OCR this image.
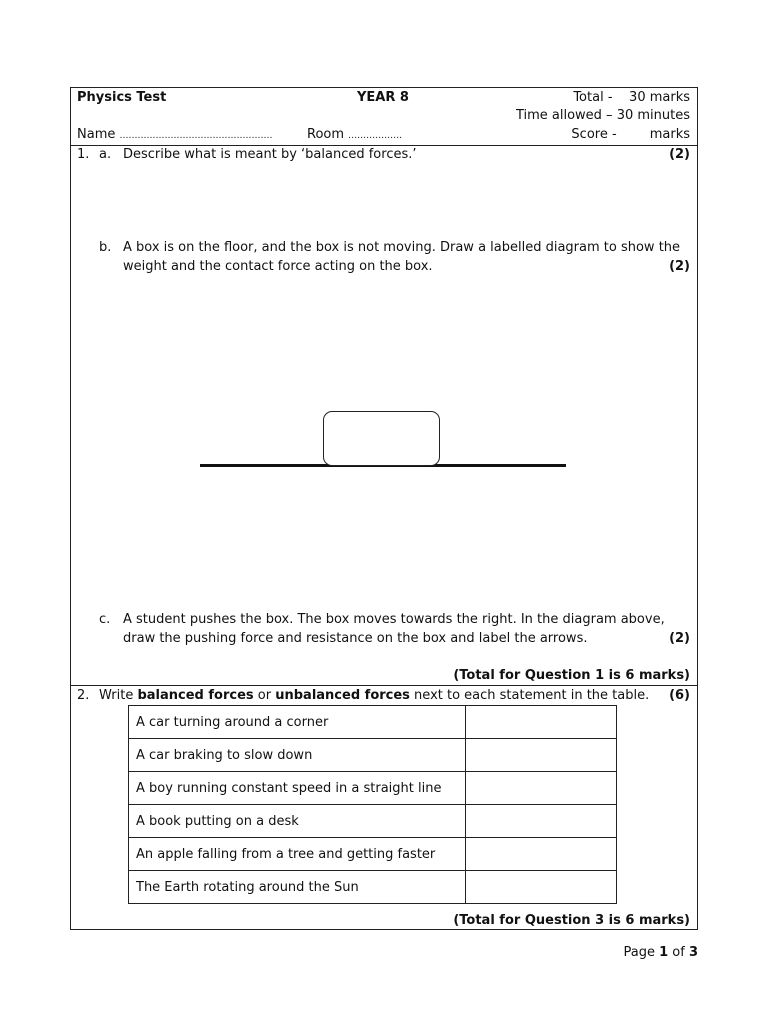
Physics Test	YEAR 8	Total -    30 marks
Time allowed – 30 minutes
Name ……………………………………………	Room ………………	Score -        marks
1. a. Describe what is meant by ‘balanced forces.’	(2)
b. A box is on the floor, and the box is not moving. Draw a labelled diagram to show the
weight and the contact force acting on the box.	(2)
c. A student pushes the box. The box moves towards the right. In the diagram above,
draw the pushing force and resistance on the box and label the arrows.	(2)
(Total for Question 1 is 6 marks)
2. Write balanced forces or unbalanced forces next to each statement in the table.	(6)
A car turning around a corner	
A car braking to slow down	
A boy running constant speed in a straight line	
A book putting on a desk	
An apple falling from a tree and getting faster	
The Earth rotating around the Sun	
(Total for Question 3 is 6 marks)
Page 1 of 3
